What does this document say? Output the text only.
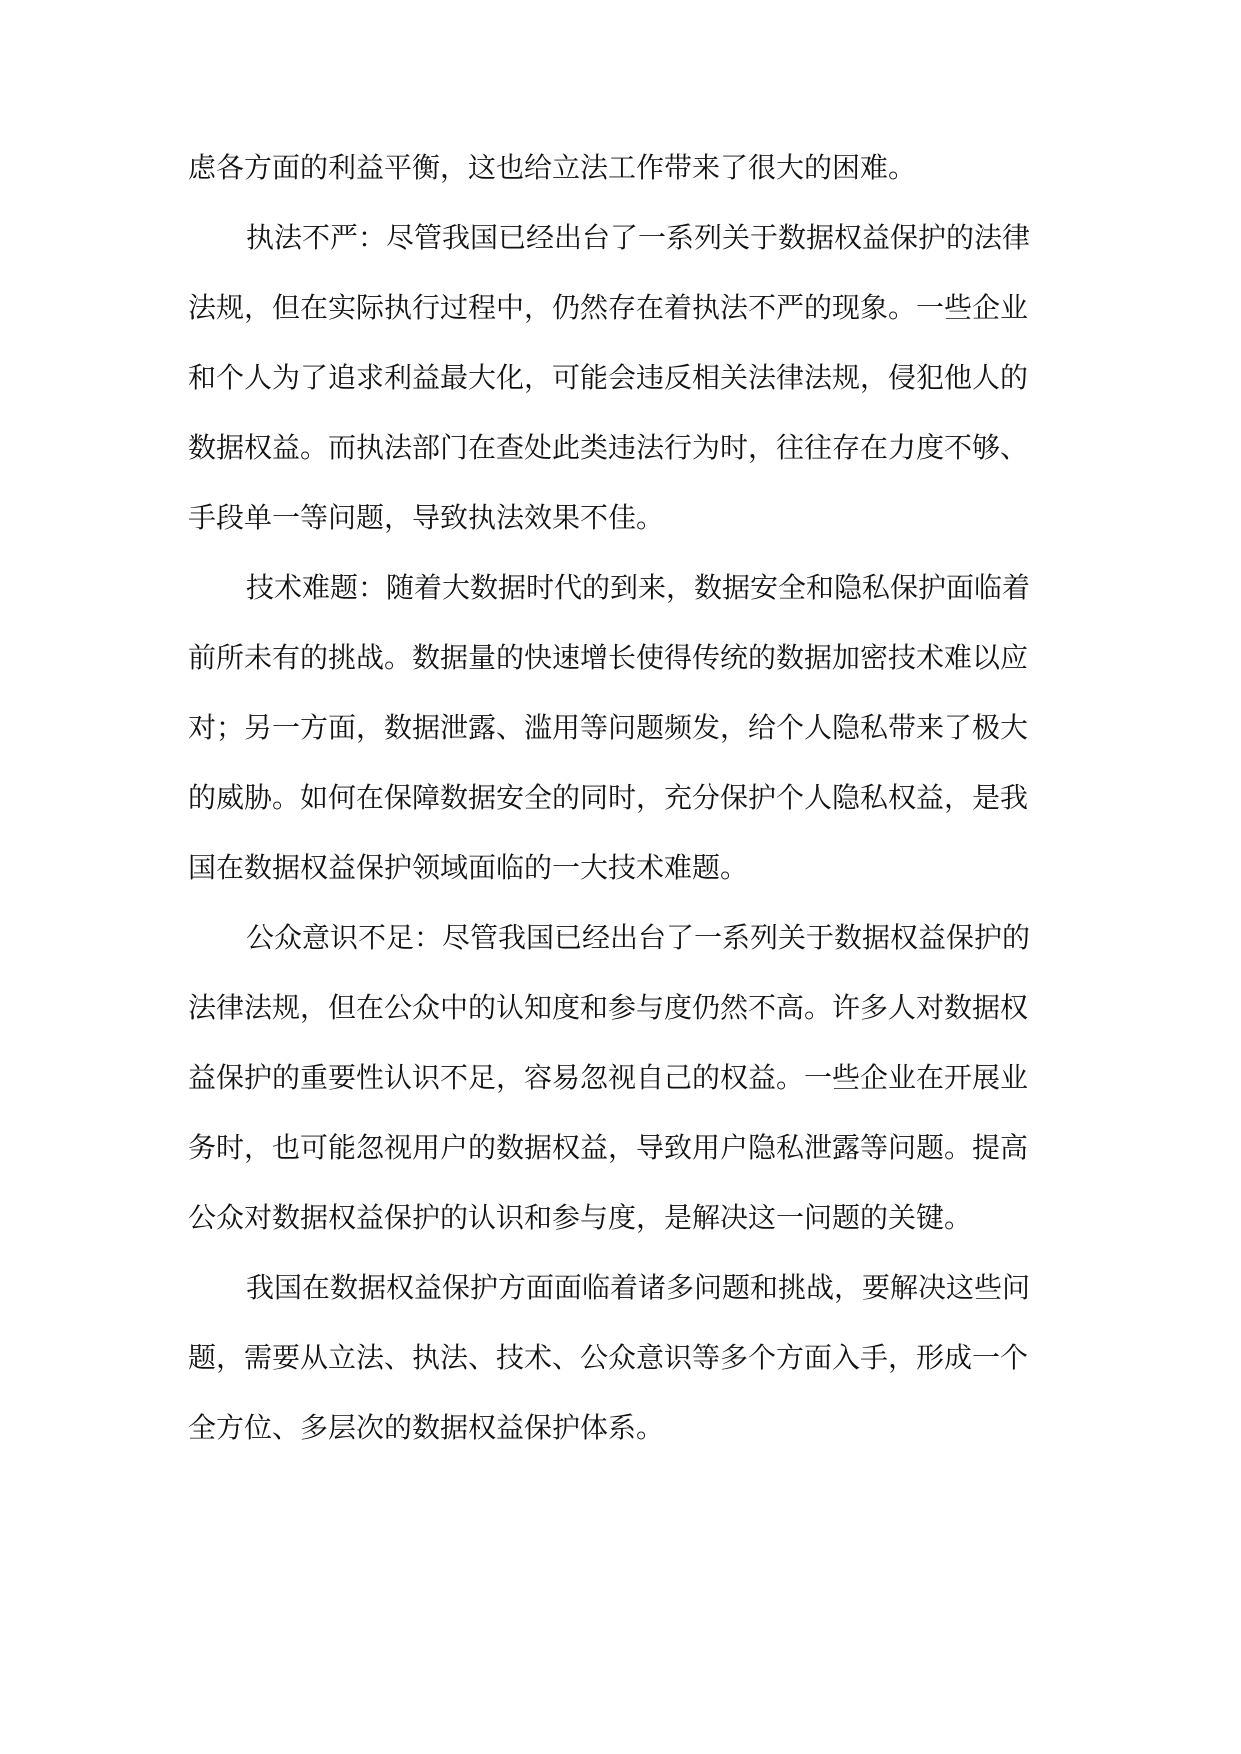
虑各方面的利益平衡，这也给立法工作带来了很大的困难。
执法不严：尽管我国已经出台了一系列关于数据权益保护的法律
法规，但在实际执行过程中，仍然存在着执法不严的现象。一些企业
和个人为了追求利益最大化，可能会违反相关法律法规，侵犯他人的
数据权益。而执法部门在查处此类违法行为时，往往存在力度不够、
手段单一等问题，导致执法效果不佳。
技术难题：随着大数据时代的到来，数据安全和隐私保护面临着
前所未有的挑战。数据量的快速增长使得传统的数据加密技术难以应
对；另一方面，数据泄露、滥用等问题频发，给个人隐私带来了极大
的威胁。如何在保障数据安全的同时，充分保护个人隐私权益，是我
国在数据权益保护领域面临的一大技术难题。
公众意识不足：尽管我国已经出台了一系列关于数据权益保护的
法律法规，但在公众中的认知度和参与度仍然不高。许多人对数据权
益保护的重要性认识不足，容易忽视自己的权益。一些企业在开展业
务时，也可能忽视用户的数据权益，导致用户隐私泄露等问题。提高
公众对数据权益保护的认识和参与度，是解决这一问题的关键。
我国在数据权益保护方面面临着诸多问题和挑战，要解决这些问
题，需要从立法、执法、技术、公众意识等多个方面入手，形成一个
全方位、多层次的数据权益保护体系。
